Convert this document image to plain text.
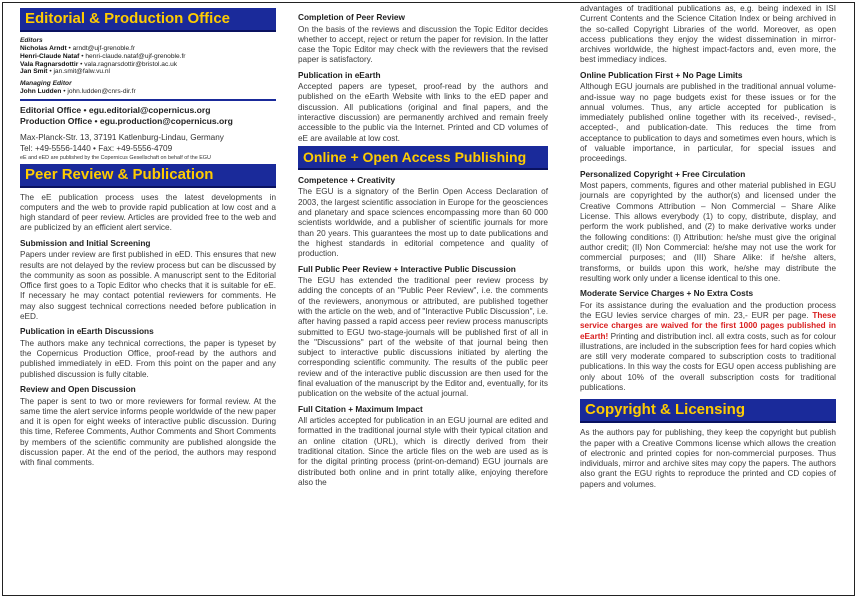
Editorial & Production Office
Editors
Nicholas Arndt • arndt@ujf-grenoble.fr
Henri-Claude Nataf • henri-claude.nataf@ujf-grenoble.fr
Vala Ragnarsdottir • vala.ragnarsdottir@bristol.ac.uk
Jan Smit • jan.smit@falw.vu.nl
Managing Editor
John Ludden • john.ludden@cnrs-dir.fr
Editorial Office • egu.editorial@copernicus.org
Production Office • egu.production@copernicus.org
Max-Planck-Str. 13, 37191 Katlenburg-Lindau, Germany
Tel: +49-5556-1440 • Fax: +49-5556-4709
eE and eED are published by the Copernicus Gesellschaft on behalf of the EGU
Peer Review & Publication
The eE publication process uses the latest developments in computers and the web to provide rapid publication at low cost and a high standard of peer review. Articles are provided free to the web and are publicized by an efficient alert service.
Submission and Initial Screening
Papers under review are first published in eED. This ensures that new results are not delayed by the review process but can be discussed by the community as soon as possible. A manuscript sent to the Editorial Office first goes to a Topic Editor who checks that it is suitable for eE. If necessary he may contact potential reviewers for comments. He may also suggest technical corrections needed before publication in eED.
Publication in eEarth Discussions
The authors make any technical corrections, the paper is typeset by the Copernicus Production Office, proof-read by the authors and published immediately in eED. From this point on the paper and any published discussion is fully citable.
Review and Open Discussion
The paper is sent to two or more reviewers for formal review. At the same time the alert service informs people worldwide of the new paper and it is open for eight weeks of interactive public discussion. During this time, Referee Comments, Author Comments and Short Comments by members of the scientific community are published alongside the discussion paper. At the end of the period, the authors may respond with final comments.
Completion of Peer Review
On the basis of the reviews and discussion the Topic Editor decides whether to accept, reject or return the paper for revision. In the latter case the Topic Editor may check with the reviewers that the revised paper is satisfactory.
Publication in eEarth
Accepted papers are typeset, proof-read by the authors and published on the eEarth Website with links to the eED paper and discussion. All publications (original and final papers, and the interactive discussion) are permanently archived and remain freely accessible to the public via the Internet. Printed and CD volumes of eE are available at low cost.
Online + Open Access Publishing
Competence + Creativity
The EGU is a signatory of the Berlin Open Access Declaration of 2003, the largest scientific association in Europe for the geosciences and planetary and space sciences encompassing more than 60 000 scientists worldwide, and a publisher of scientific journals for more than 20 years. This guarantees the most up to date publications and the highest standards in editorial competence and quality of production.
Full Public Peer Review + Interactive Public Discussion
The EGU has extended the traditional peer review process by adding the concepts of an "Public Peer Review", i.e. the comments of the reviewers, anonymous or attributed, are published together with the article on the web, and of "Interactive Public Discussion", i.e. after having passed a rapid access peer review process manuscripts submitted to EGU two-stage-journals will be published first of all in the "Discussions" part of the website of that journal being then subject to interactive public discussions initiated by alerting the corresponding scientific community. The results of the public peer review and of the interactive public discussion are then used for the final evaluation of the manuscript by the Editor and, eventually, for its publication on the website of the actual journal.
Full Citation + Maximum Impact
All articles accepted for publication in an EGU journal are edited and formatted in the traditional journal style with their typical citation and an online citation (URL), which is directly derived from their traditional citation. Since the article files on the web are used as is for the digital printing process (print-on-demand) EGU journals are distributed both online and in print totally alike, enjoying therefore also the
advantages of traditional publications as, e.g. being indexed in ISI Current Contents and the Science Citation Index or being archived in the so-called Copyright Libraries of the world. Moreover, as open access publications they enjoy the widest dissemination in mirror-archives worldwide, the highest impact-factors and, even more, the best immediacy indices.
Online Publication First + No Page Limits
Although EGU journals are published in the traditional annual volume-and-issue way no page budgets exist for these issues or for the annual volumes. Thus, any article accepted for publication is immediately published online together with its received-, revised-, accepted-, and publication-date. This reduces the time from acceptance to publication to days and sometimes even hours, which is of valuable importance, in particular, for special issues and proceedings.
Personalized Copyright + Free Circulation
Most papers, comments, figures and other material published in EGU journals are copyrighted by the author(s) and licensed under the Creative Commons Attribution – Non Commercial – Share Alike License. This allows everybody (1) to copy, distribute, display, and perform the work published, and (2) to make derivative works under the following conditions: (I) Attribution: he/she must give the original author credit; (II) Non Commercial: he/she may not use the work for commercial purposes; and (III) Share Alike: if he/she alters, transforms, or builds upon this work, he/she may distribute the resulting work only under a license identical to this one.
Moderate Service Charges + No Extra Costs
For its assistance during the evaluation and the production process the EGU levies service charges of min. 23,- EUR per page. These service charges are waived for the first 1000 pages published in eEarth! Printing and distribution incl. all extra costs, such as for colour illustrations, are included in the subscription fees for hard copies which are still very moderate compared to subscription costs to traditional publications. In this way the costs for EGU open access publishing are only about 10% of the overall subscription costs for traditional publications.
Copyright & Licensing
As the authors pay for publishing, they keep the copyright but publish the paper with a Creative Commons license which allows the creation of electronic and printed copies for non-commercial purposes. Thus individuals, mirror and archive sites may copy the papers. The authors also grant the EGU rights to reproduce the printed and CD copies of papers and volumes.
